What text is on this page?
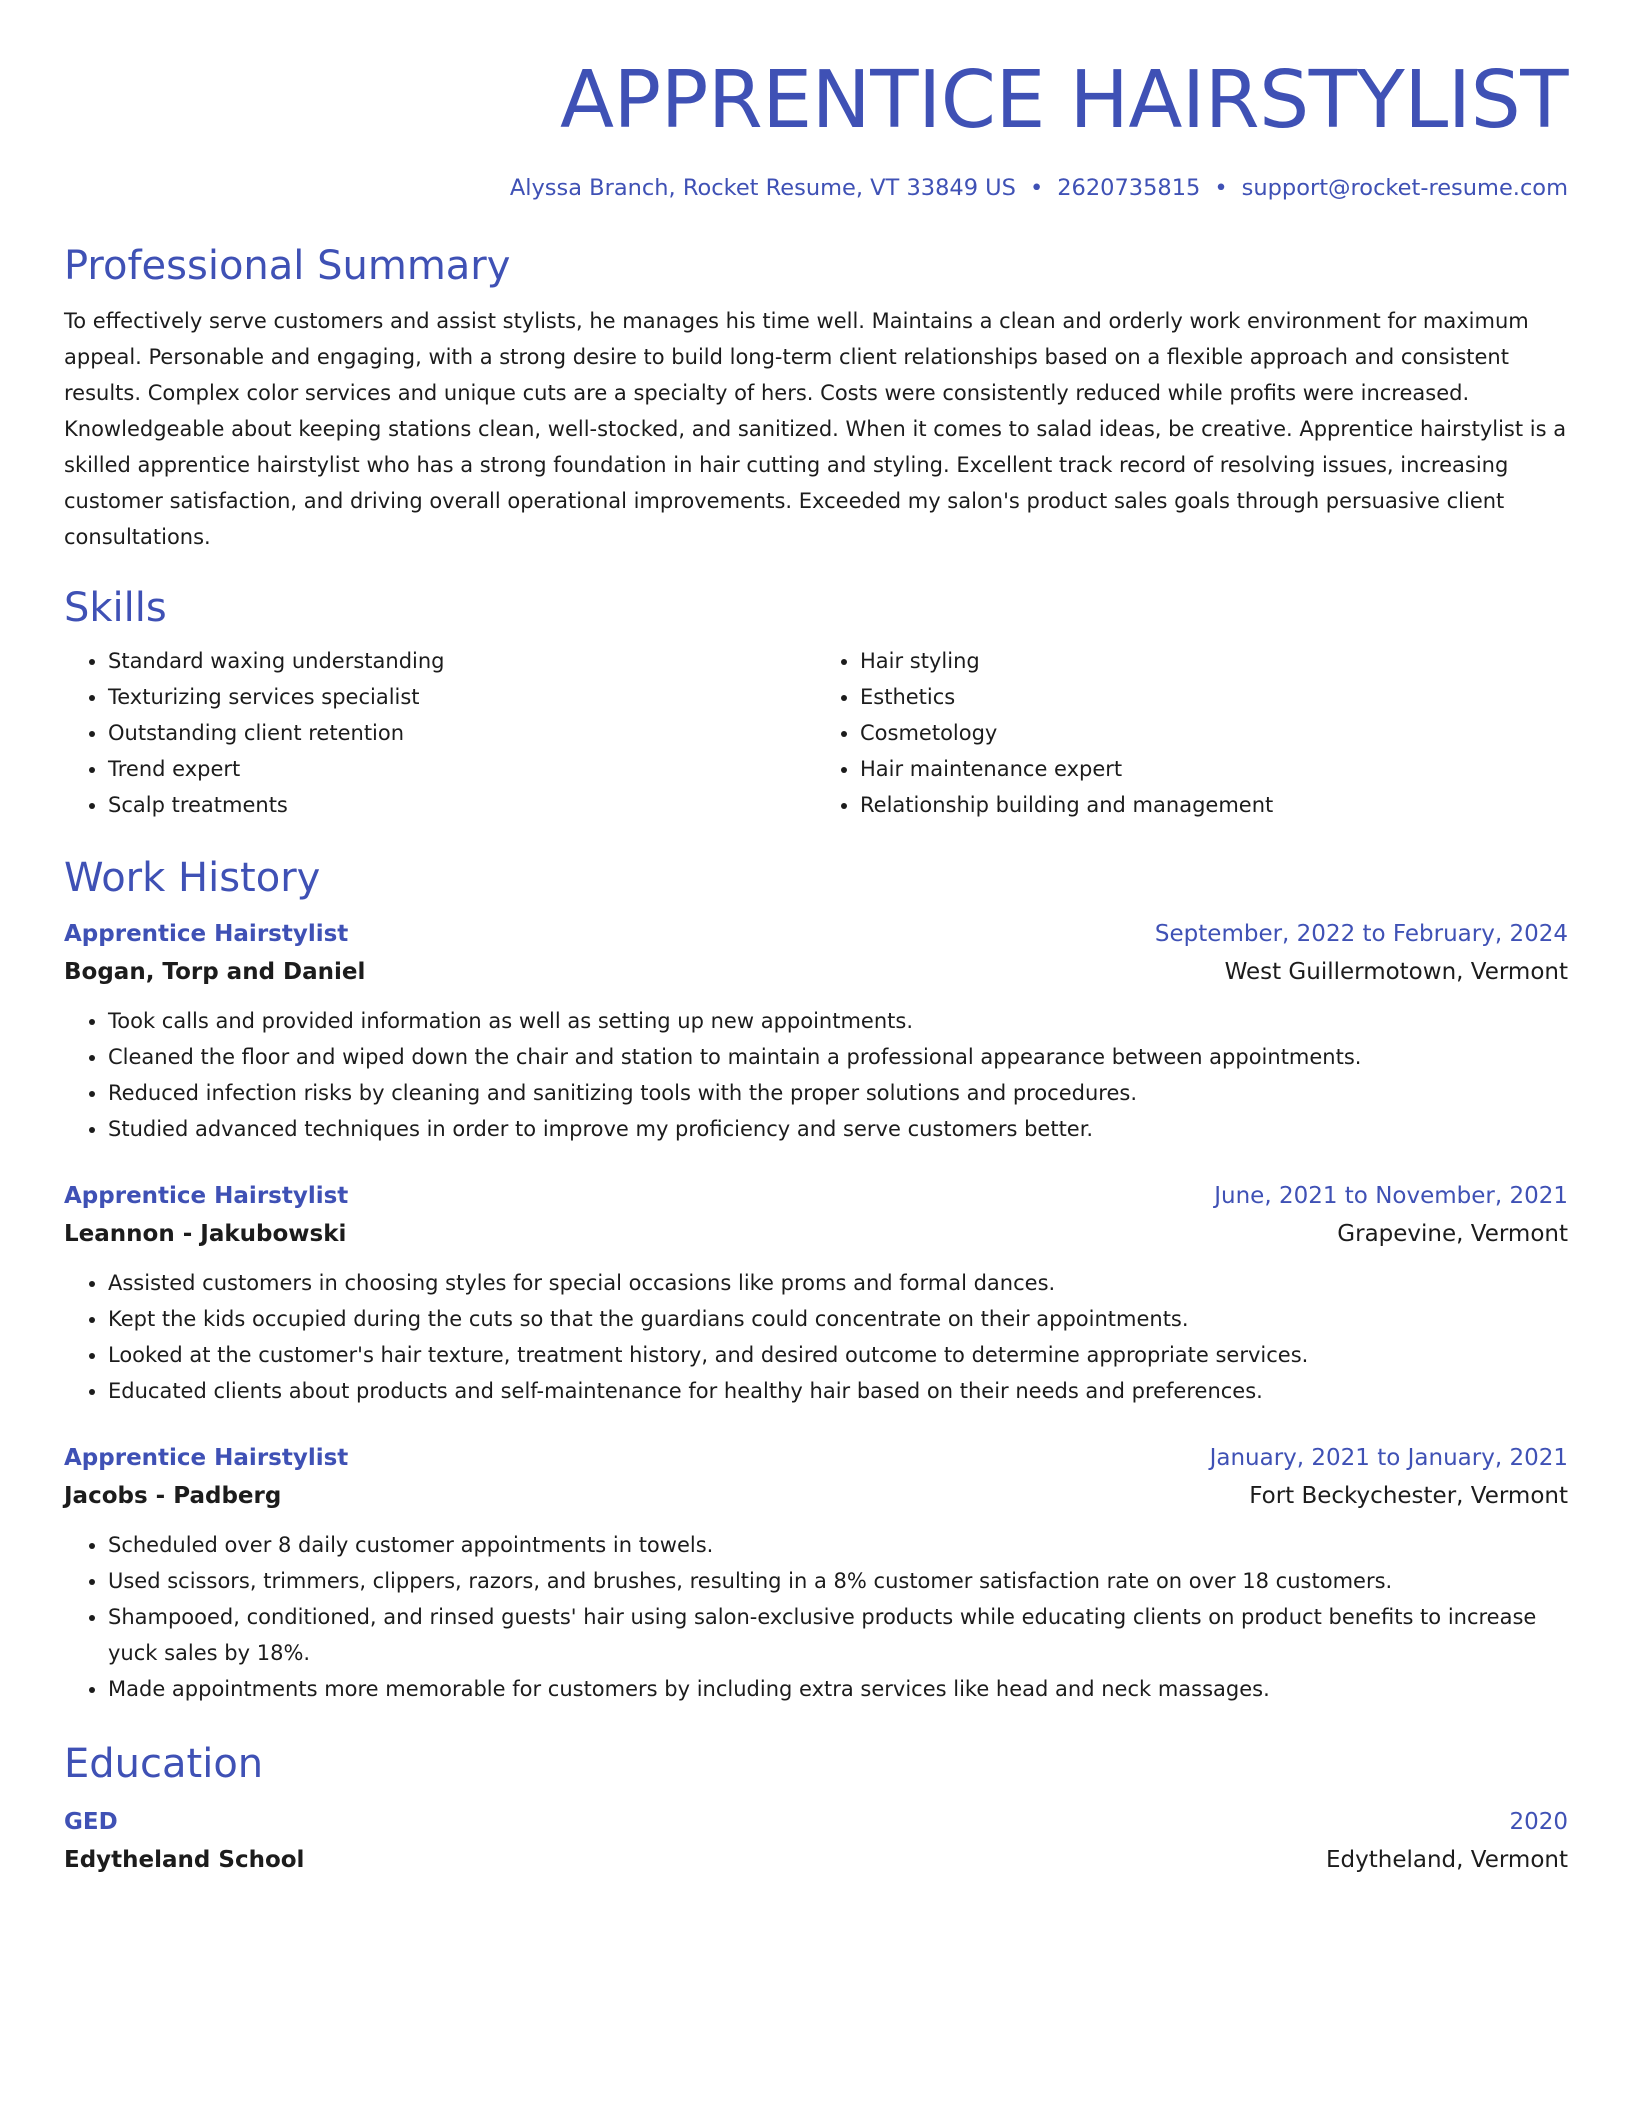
APPRENTICE HAIRSTYLIST
Alyssa Branch, Rocket Resume, VT 33849 US • 2620735815 • support@rocket-resume.com
Professional Summary
To effectively serve customers and assist stylists, he manages his time well. Maintains a clean and orderly work environment for maximum appeal. Personable and engaging, with a strong desire to build long-term client relationships based on a flexible approach and consistent results. Complex color services and unique cuts are a specialty of hers. Costs were consistently reduced while profits were increased. Knowledgeable about keeping stations clean, well-stocked, and sanitized. When it comes to salad ideas, be creative. Apprentice hairstylist is a skilled apprentice hairstylist who has a strong foundation in hair cutting and styling. Excellent track record of resolving issues, increasing customer satisfaction, and driving overall operational improvements. Exceeded my salon's product sales goals through persuasive client consultations.
Skills
• Standard waxing understanding
• Texturizing services specialist
• Outstanding client retention
• Trend expert
• Scalp treatments
• Hair styling
• Esthetics
• Cosmetology
• Hair maintenance expert
• Relationship building and management
Work History
Apprentice Hairstylist	September, 2022 to February, 2024
Bogan, Torp and Daniel	West Guillermotown, Vermont
• Took calls and provided information as well as setting up new appointments.
• Cleaned the floor and wiped down the chair and station to maintain a professional appearance between appointments.
• Reduced infection risks by cleaning and sanitizing tools with the proper solutions and procedures.
• Studied advanced techniques in order to improve my proficiency and serve customers better.
Apprentice Hairstylist	June, 2021 to November, 2021
Leannon - Jakubowski	Grapevine, Vermont
• Assisted customers in choosing styles for special occasions like proms and formal dances.
• Kept the kids occupied during the cuts so that the guardians could concentrate on their appointments.
• Looked at the customer's hair texture, treatment history, and desired outcome to determine appropriate services.
• Educated clients about products and self-maintenance for healthy hair based on their needs and preferences.
Apprentice Hairstylist	January, 2021 to January, 2021
Jacobs - Padberg	Fort Beckychester, Vermont
• Scheduled over 8 daily customer appointments in towels.
• Used scissors, trimmers, clippers, razors, and brushes, resulting in a 8% customer satisfaction rate on over 18 customers.
• Shampooed, conditioned, and rinsed guests' hair using salon-exclusive products while educating clients on product benefits to increase yuck sales by 18%.
• Made appointments more memorable for customers by including extra services like head and neck massages.
Education
GED	2020
Edytheland School	Edytheland, Vermont
